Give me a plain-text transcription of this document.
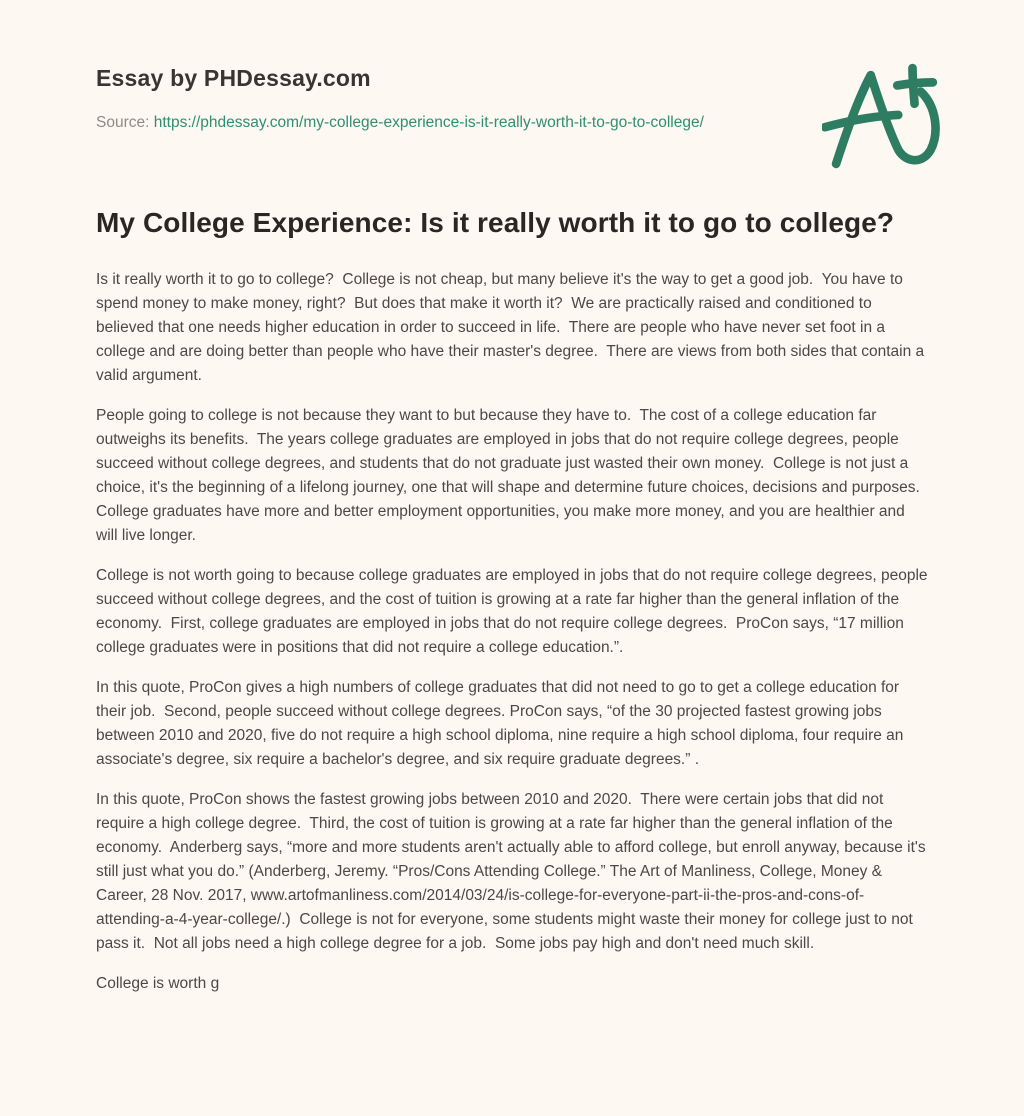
Essay by PHDessay.com
Source: https://phdessay.com/my-college-experience-is-it-really-worth-it-to-go-to-college/
My College Experience: Is it really worth it to go to college?

Is it really worth it to go to college?  College is not cheap, but many believe it's the way to get a good job.  You have to spend money to make money, right?  But does that make it worth it?  We are practically raised and conditioned to believed that one needs higher education in order to succeed in life.  There are people who have never set foot in a college and are doing better than people who have their master's degree.  There are views from both sides that contain a valid argument.

People going to college is not because they want to but because they have to.  The cost of a college education far outweighs its benefits.  The years college graduates are employed in jobs that do not require college degrees, people succeed without college degrees, and students that do not graduate just wasted their own money.  College is not just a choice, it's the beginning of a lifelong journey, one that will shape and determine future choices, decisions and purposes.  College graduates have more and better employment opportunities, you make more money, and you are healthier and will live longer.

College is not worth going to because college graduates are employed in jobs that do not require college degrees, people succeed without college degrees, and the cost of tuition is growing at a rate far higher than the general inflation of the economy.  First, college graduates are employed in jobs that do not require college degrees.  ProCon says, “17 million college graduates were in positions that did not require a college education.”.

In this quote, ProCon gives a high numbers of college graduates that did not need to go to get a college education for their job.  Second, people succeed without college degrees. ProCon says, “of the 30 projected fastest growing jobs between 2010 and 2020, five do not require a high school diploma, nine require a high school diploma, four require an associate's degree, six require a bachelor's degree, and six require graduate degrees.” .

In this quote, ProCon shows the fastest growing jobs between 2010 and 2020.  There were certain jobs that did not require a high college degree.  Third, the cost of tuition is growing at a rate far higher than the general inflation of the economy.  Anderberg says, “more and more students aren't actually able to afford college, but enroll anyway, because it's still just what you do.” (Anderberg, Jeremy. “Pros/Cons Attending College.” The Art of Manliness, College, Money & Career, 28 Nov. 2017, www.artofmanliness.com/2014/03/24/is-college-for-everyone-part-ii-the-pros-and-cons-of-attending-a-4-year-college/.)  College is not for everyone, some students might waste their money for college just to not pass it.  Not all jobs need a high college degree for a job.  Some jobs pay high and don't need much skill.

College is worth g
